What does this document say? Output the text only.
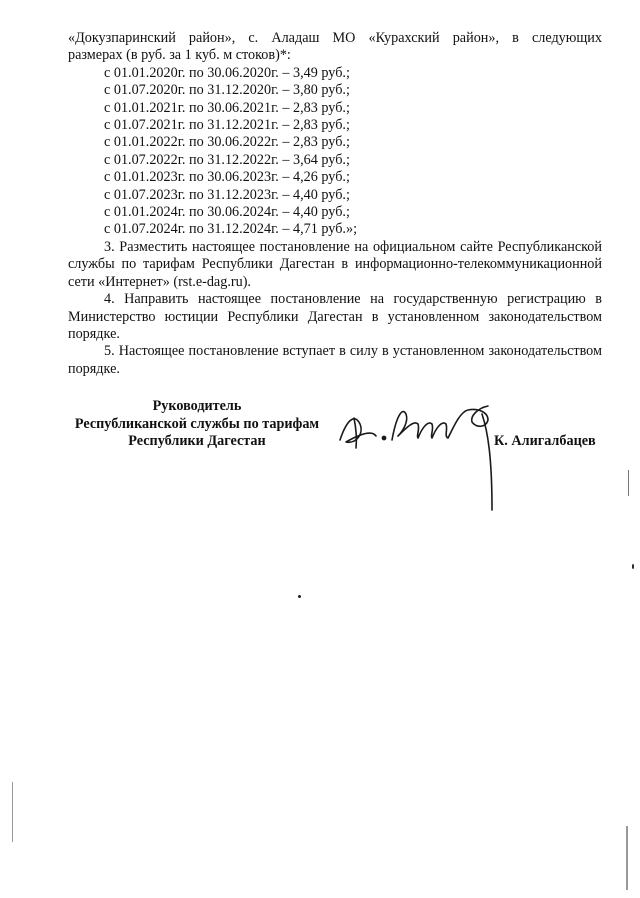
«Докузпаринский район», с. Аладаш МО «Курахский район», в следующих

размерах (в руб. за 1 куб. м стоков)*:

с 01.01.2020г. по 30.06.2020г. – 3,49 руб.;
с 01.07.2020г. по 31.12.2020г. – 3,80 руб.;
с 01.01.2021г. по 30.06.2021г. – 2,83 руб.;
с 01.07.2021г. по 31.12.2021г. – 2,83 руб.;
с 01.01.2022г. по 30.06.2022г. – 2,83 руб.;
с 01.07.2022г. по 31.12.2022г. – 3,64 руб.;
с 01.01.2023г. по 30.06.2023г. – 4,26 руб.;
с 01.07.2023г. по 31.12.2023г. – 4,40 руб.;
с 01.01.2024г. по 30.06.2024г. – 4,40 руб.;
с 01.07.2024г. по 31.12.2024г. – 4,71 руб.»;

3. Разместить настоящее постановление на официальном сайте Республиканской службы по тарифам Республики Дагестан в информационно-телекоммуникационной сети «Интернет» (rst.e-dag.ru).

4. Направить настоящее постановление на государственную регистрацию в Министерство юстиции Республики Дагестан в установленном законодательством порядке.

5. Настоящее постановление вступает в силу в установленном законодательством порядке.

Руководитель
Республиканской службы по тарифам
Республики Дагестан	К. Алигалбацев
